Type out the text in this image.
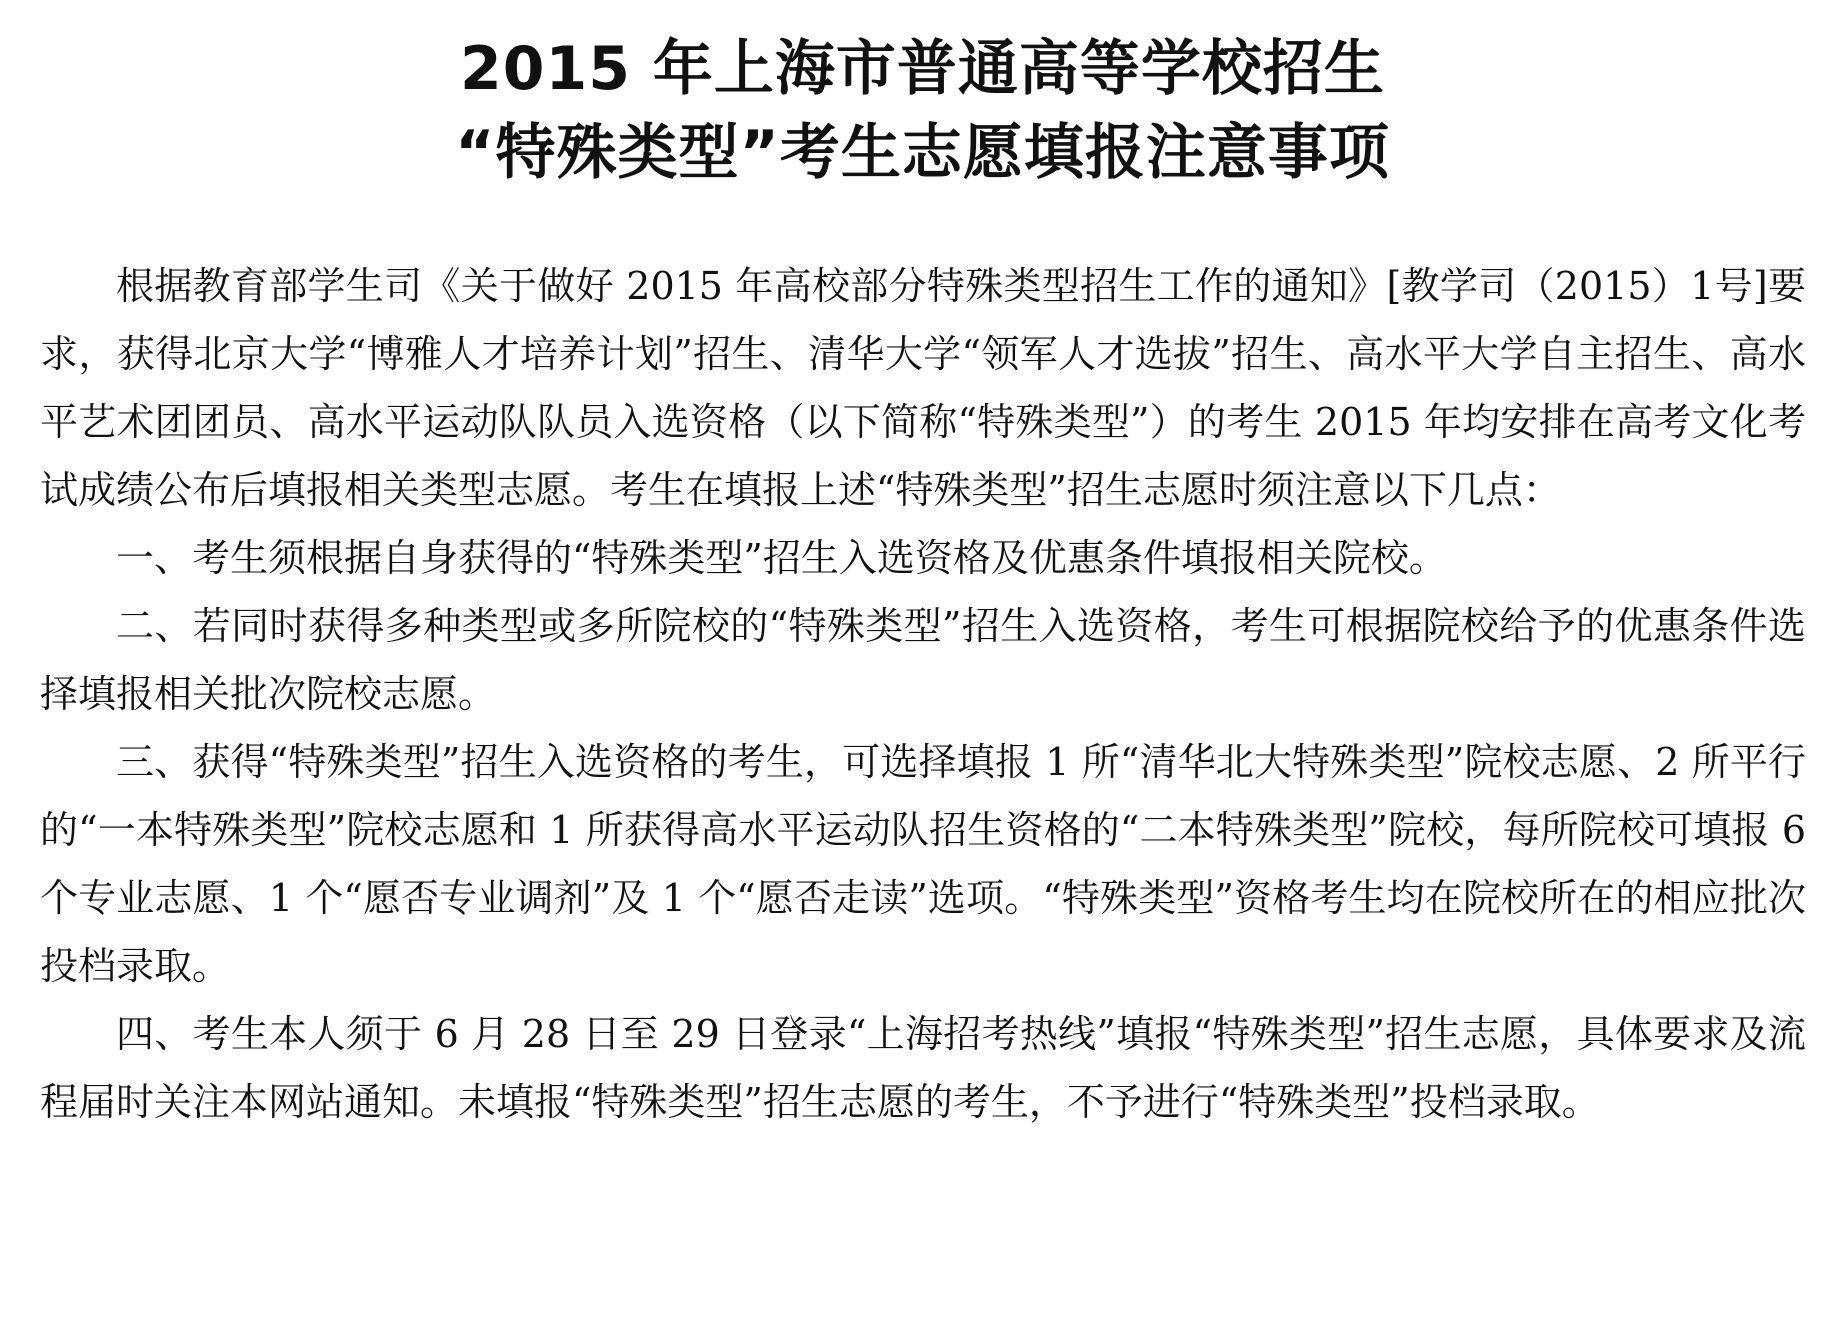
2015 年上海市普通高等学校招生
“特殊类型”考生志愿填报注意事项

根据教育部学生司《关于做好 2015 年高校部分特殊类型招生工作的通知》[教学司（2015）1号]要求，获得北京大学“博雅人才培养计划”招生、清华大学“领军人才选拔”招生、高水平大学自主招生、高水平艺术团团员、高水平运动队队员入选资格（以下简称“特殊类型”）的考生 2015 年均安排在高考文化考试成绩公布后填报相关类型志愿。考生在填报上述“特殊类型”招生志愿时须注意以下几点：

一、考生须根据自身获得的“特殊类型”招生入选资格及优惠条件填报相关院校。

二、若同时获得多种类型或多所院校的“特殊类型”招生入选资格，考生可根据院校给予的优惠条件选择填报相关批次院校志愿。

三、获得“特殊类型”招生入选资格的考生，可选择填报 1 所“清华北大特殊类型”院校志愿、2 所平行的“一本特殊类型”院校志愿和 1 所获得高水平运动队招生资格的“二本特殊类型”院校，每所院校可填报 6 个专业志愿、1 个“愿否专业调剂”及 1 个“愿否走读”选项。“特殊类型”资格考生均在院校所在的相应批次投档录取。

四、考生本人须于 6 月 28 日至 29 日登录“上海招考热线”填报“特殊类型”招生志愿，具体要求及流程届时关注本网站通知。未填报“特殊类型”招生志愿的考生，不予进行“特殊类型”投档录取。
